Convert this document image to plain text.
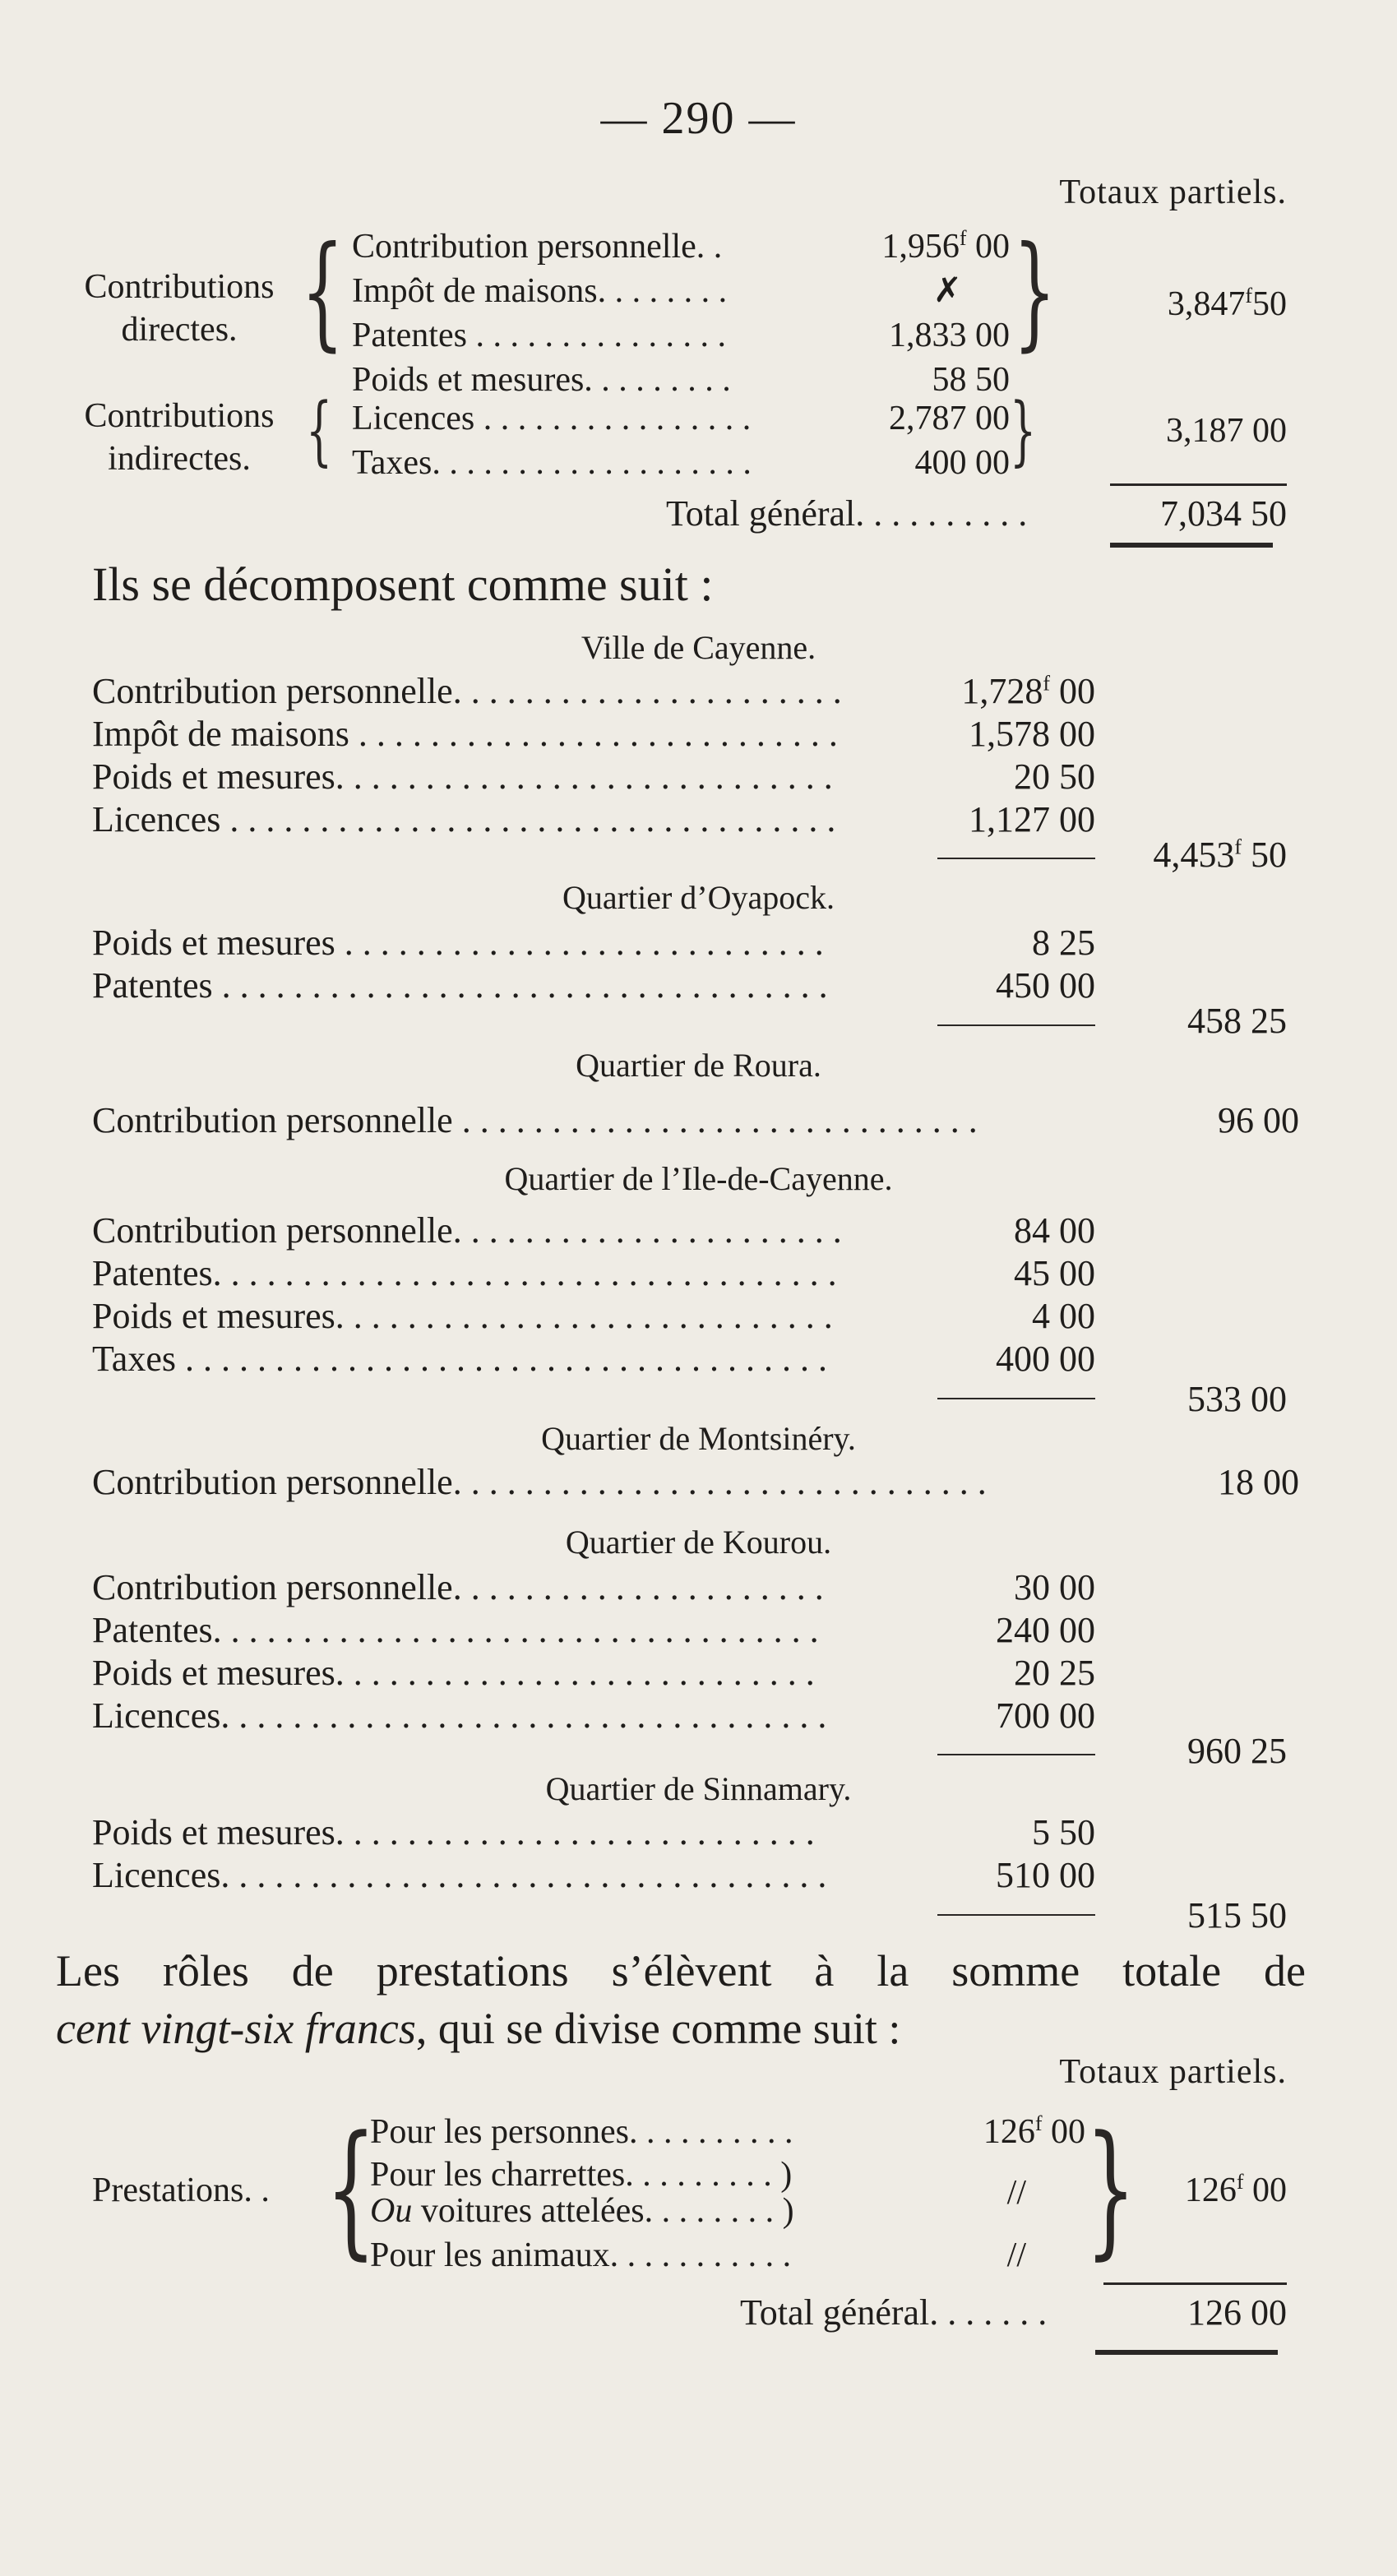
— 290 —
Totaux partiels.
Contributions
directes. { Contribution personnelle. .	1,956$^f$ 00
Impôt de maisons. . . . . . . .	✗
Patentes . . . . . . . . . . . . . . .	1,833 00
Poids et mesures. . . . . . . . .	58 50
}	3,847$^f$50
Contributions
indirectes. { Licences . . . . . . . . . . . . . . . .	2,787 00
Taxes. . . . . . . . . . . . . . . . . . .	400 00 }	3,187 00
Total général. . . . . . . . . .	7,034 50
Ils se décomposent comme suit :
Ville de Cayenne.
Contribution personnelle. . . . . . . . . . . . . . . . . . . . . .	1,728$^f$ 00
Impôt de maisons . . . . . . . . . . . . . . . . . . . . . . . . . . .	1,578 00
Poids et mesures. . . . . . . . . . . . . . . . . . . . . . . . . . . .	20 50
Licences . . . . . . . . . . . . . . . . . . . . . . . . . . . . . . . . . .	1,127 00
4,453$^f$ 50
Quartier d’Oyapock.
Poids et mesures . . . . . . . . . . . . . . . . . . . . . . . . . . .	8 25
Patentes . . . . . . . . . . . . . . . . . . . . . . . . . . . . . . . . . .	450 00
458 25
Quartier de Roura.
Contribution personnelle . . . . . . . . . . . . . . . . . . . . . . . . . . . . .	96 00
Quartier de l’Ile-de-Cayenne.
Contribution personnelle. . . . . . . . . . . . . . . . . . . . . .	84 00
Patentes. . . . . . . . . . . . . . . . . . . . . . . . . . . . . . . . . . .	45 00
Poids et mesures. . . . . . . . . . . . . . . . . . . . . . . . . . . .	4 00
Taxes . . . . . . . . . . . . . . . . . . . . . . . . . . . . . . . . . . . .	400 00
533 00
Quartier de Montsinéry.
Contribution personnelle. . . . . . . . . . . . . . . . . . . . . . . . . . . . . .	18 00
Quartier de Kourou.
Contribution personnelle. . . . . . . . . . . . . . . . . . . . .	30 00
Patentes. . . . . . . . . . . . . . . . . . . . . . . . . . . . . . . . . .	240 00
Poids et mesures. . . . . . . . . . . . . . . . . . . . . . . . . . .	20 25
Licences. . . . . . . . . . . . . . . . . . . . . . . . . . . . . . . . . .	700 00
960 25
Quartier de Sinnamary.
Poids et mesures. . . . . . . . . . . . . . . . . . . . . . . . . . .	5 50
Licences. . . . . . . . . . . . . . . . . . . . . . . . . . . . . . . . . .	510 00
515 50
Les rôles de prestations s’élèvent à la somme totale de
cent vingt-six francs, qui se divise comme suit :
Totaux partiels.
Prestations. . {
Pour les personnes. . . . . . . . . .	126$^f$ 00
Pour les charrettes. . . . . . . . . )
Ou voitures attelées. . . . . . . . )	//
Pour les animaux. . . . . . . . . . .	// } 126$^f$ 00
Total général. . . . . . .	126 00
